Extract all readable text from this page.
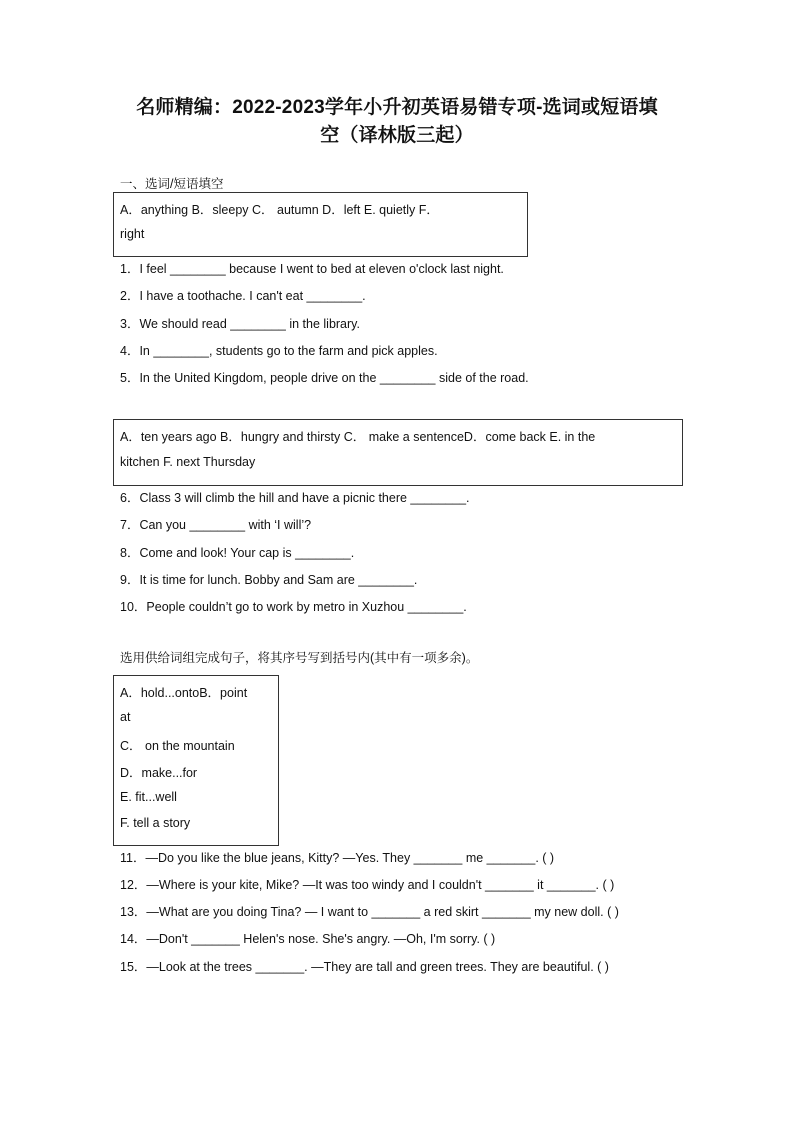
名师精编：2022-2023学年小升初英语易错专项-选词或短语填
空（译林版三起）
一、选词/短语填空
A．anything B．sleepy C． autumn D．left E. quietly F．
right
1．I feel ________ because I went to bed at eleven o'clock last night.
2．I have a toothache. I can't eat ________.
3．We should read ________ in the library.
4．In ________, students go to the farm and pick apples.
5．In the United Kingdom, people drive on the ________ side of the road.
A．ten years ago B．hungry and thirsty C． make a sentenceD．come back E. in the
kitchen F. next Thursday
6．Class 3 will climb the hill and have a picnic there ________.
7．Can you ________ with ‘I will’?
8．Come and look! Your cap is ________.
9．It is time for lunch. Bobby and Sam are ________.
10．People couldn’t go to work by metro in Xuzhou ________.
选用供给词组完成句子，将其序号写到括号内(其中有一项多余)。
A．hold...ontoB．point
at
C． on the mountain
D．make...for
E. fit...well
F. tell a story
11．—Do you like the blue jeans, Kitty? —Yes. They _______ me _______. ( )
12．—Where is your kite, Mike? —It was too windy and I couldn't _______ it _______. ( )
13．—What are you doing Tina? — I want to _______ a red skirt _______ my new doll. ( )
14．—Don't _______ Helen's nose. She's angry. —Oh, I'm sorry. ( )
15．—Look at the trees _______. —They are tall and green trees. They are beautiful. ( )
